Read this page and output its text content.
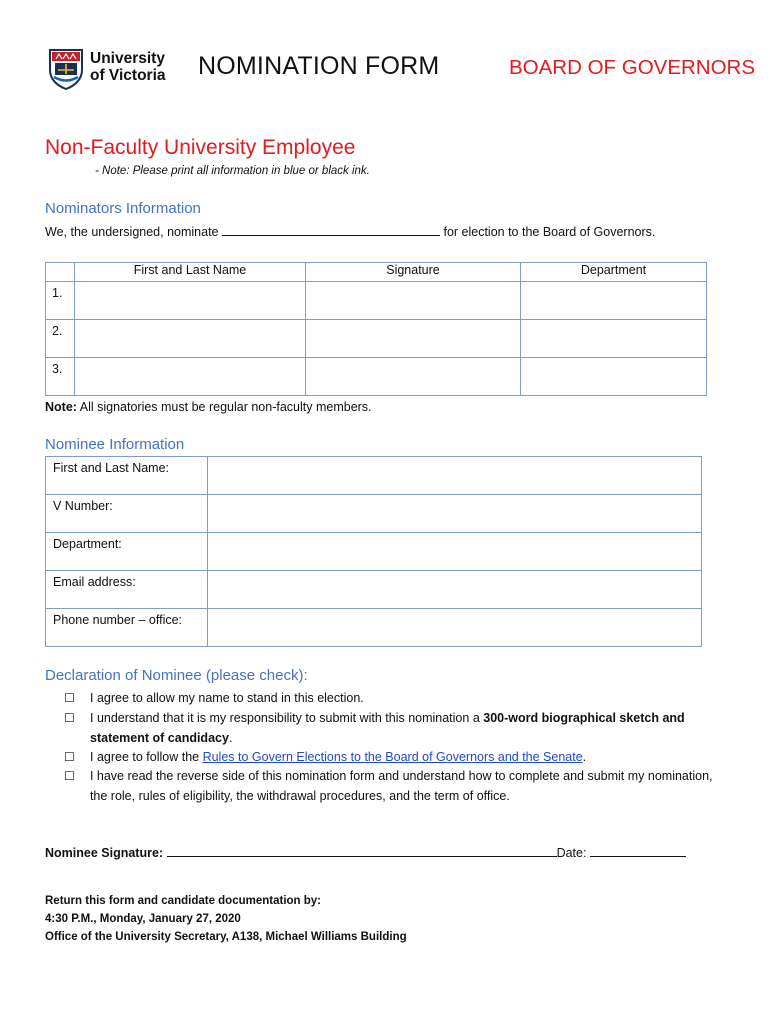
University
of Victoria NOMINATION FORM	BOARD OF GOVERNORS
Non-Faculty University Employee
- Note: Please print all information in blue or black ink.
Nominators Information
We, the undersigned, nominate	for election to the Board of Governors.
	First and Last Name	Signature	Department
1.			
2.			
3.			
Note: All signatories must be regular non-faculty members.
Nominee Information
First and Last Name:	
V Number:	
Department:	
Email address:	
Phone number – office:	
Declaration of Nominee (please check):
☐	I agree to allow my name to stand in this election.
☐	I understand that it is my responsibility to submit with this nomination a 300-word biographical sketch and statement of candidacy.
☐	I agree to follow the Rules to Govern Elections to the Board of Governors and the Senate.
☐	I have read the reverse side of this nomination form and understand how to complete and submit my nomination, the role, rules of eligibility, the withdrawal procedures, and the term of office.
Nominee Signature:	Date:
Return this form and candidate documentation by:
4:30 P.M., Monday, January 27, 2020
Office of the University Secretary, A138, Michael Williams Building
